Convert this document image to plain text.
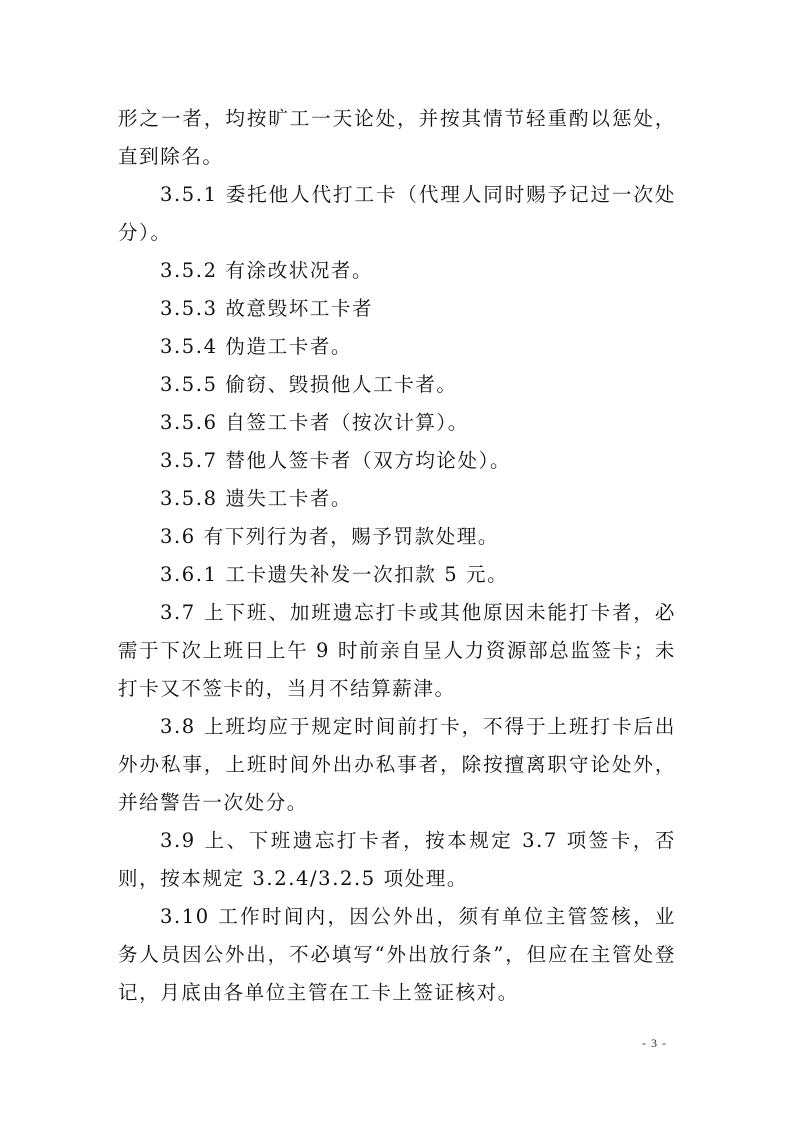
形之一者，均按旷工一天论处，并按其情节轻重酌以惩处，直到除名。

3.5.1 委托他人代打工卡（代理人同时赐予记过一次处分）。

3.5.2 有涂改状况者。

3.5.3 故意毁坏工卡者

3.5.4 伪造工卡者。

3.5.5 偷窃、毁损他人工卡者。

3.5.6 自签工卡者（按次计算）。

3.5.7 替他人签卡者（双方均论处）。

3.5.8 遗失工卡者。

3.6 有下列行为者，赐予罚款处理。

3.6.1 工卡遗失补发一次扣款 5 元。

3.7 上下班、加班遗忘打卡或其他原因未能打卡者，必需于下次上班日上午 9 时前亲自呈人力资源部总监签卡；未打卡又不签卡的，当月不结算薪津。

3.8 上班均应于规定时间前打卡，不得于上班打卡后出外办私事，上班时间外出办私事者，除按擅离职守论处外，并给警告一次处分。

3.9 上、下班遗忘打卡者，按本规定 3.7 项签卡，否则，按本规定 3.2.4/3.2.5 项处理。

3.10 工作时间内，因公外出，须有单位主管签核，业务人员因公外出，不必填写“外出放行条”，但应在主管处登记，月底由各单位主管在工卡上签证核对。

- 3 -
